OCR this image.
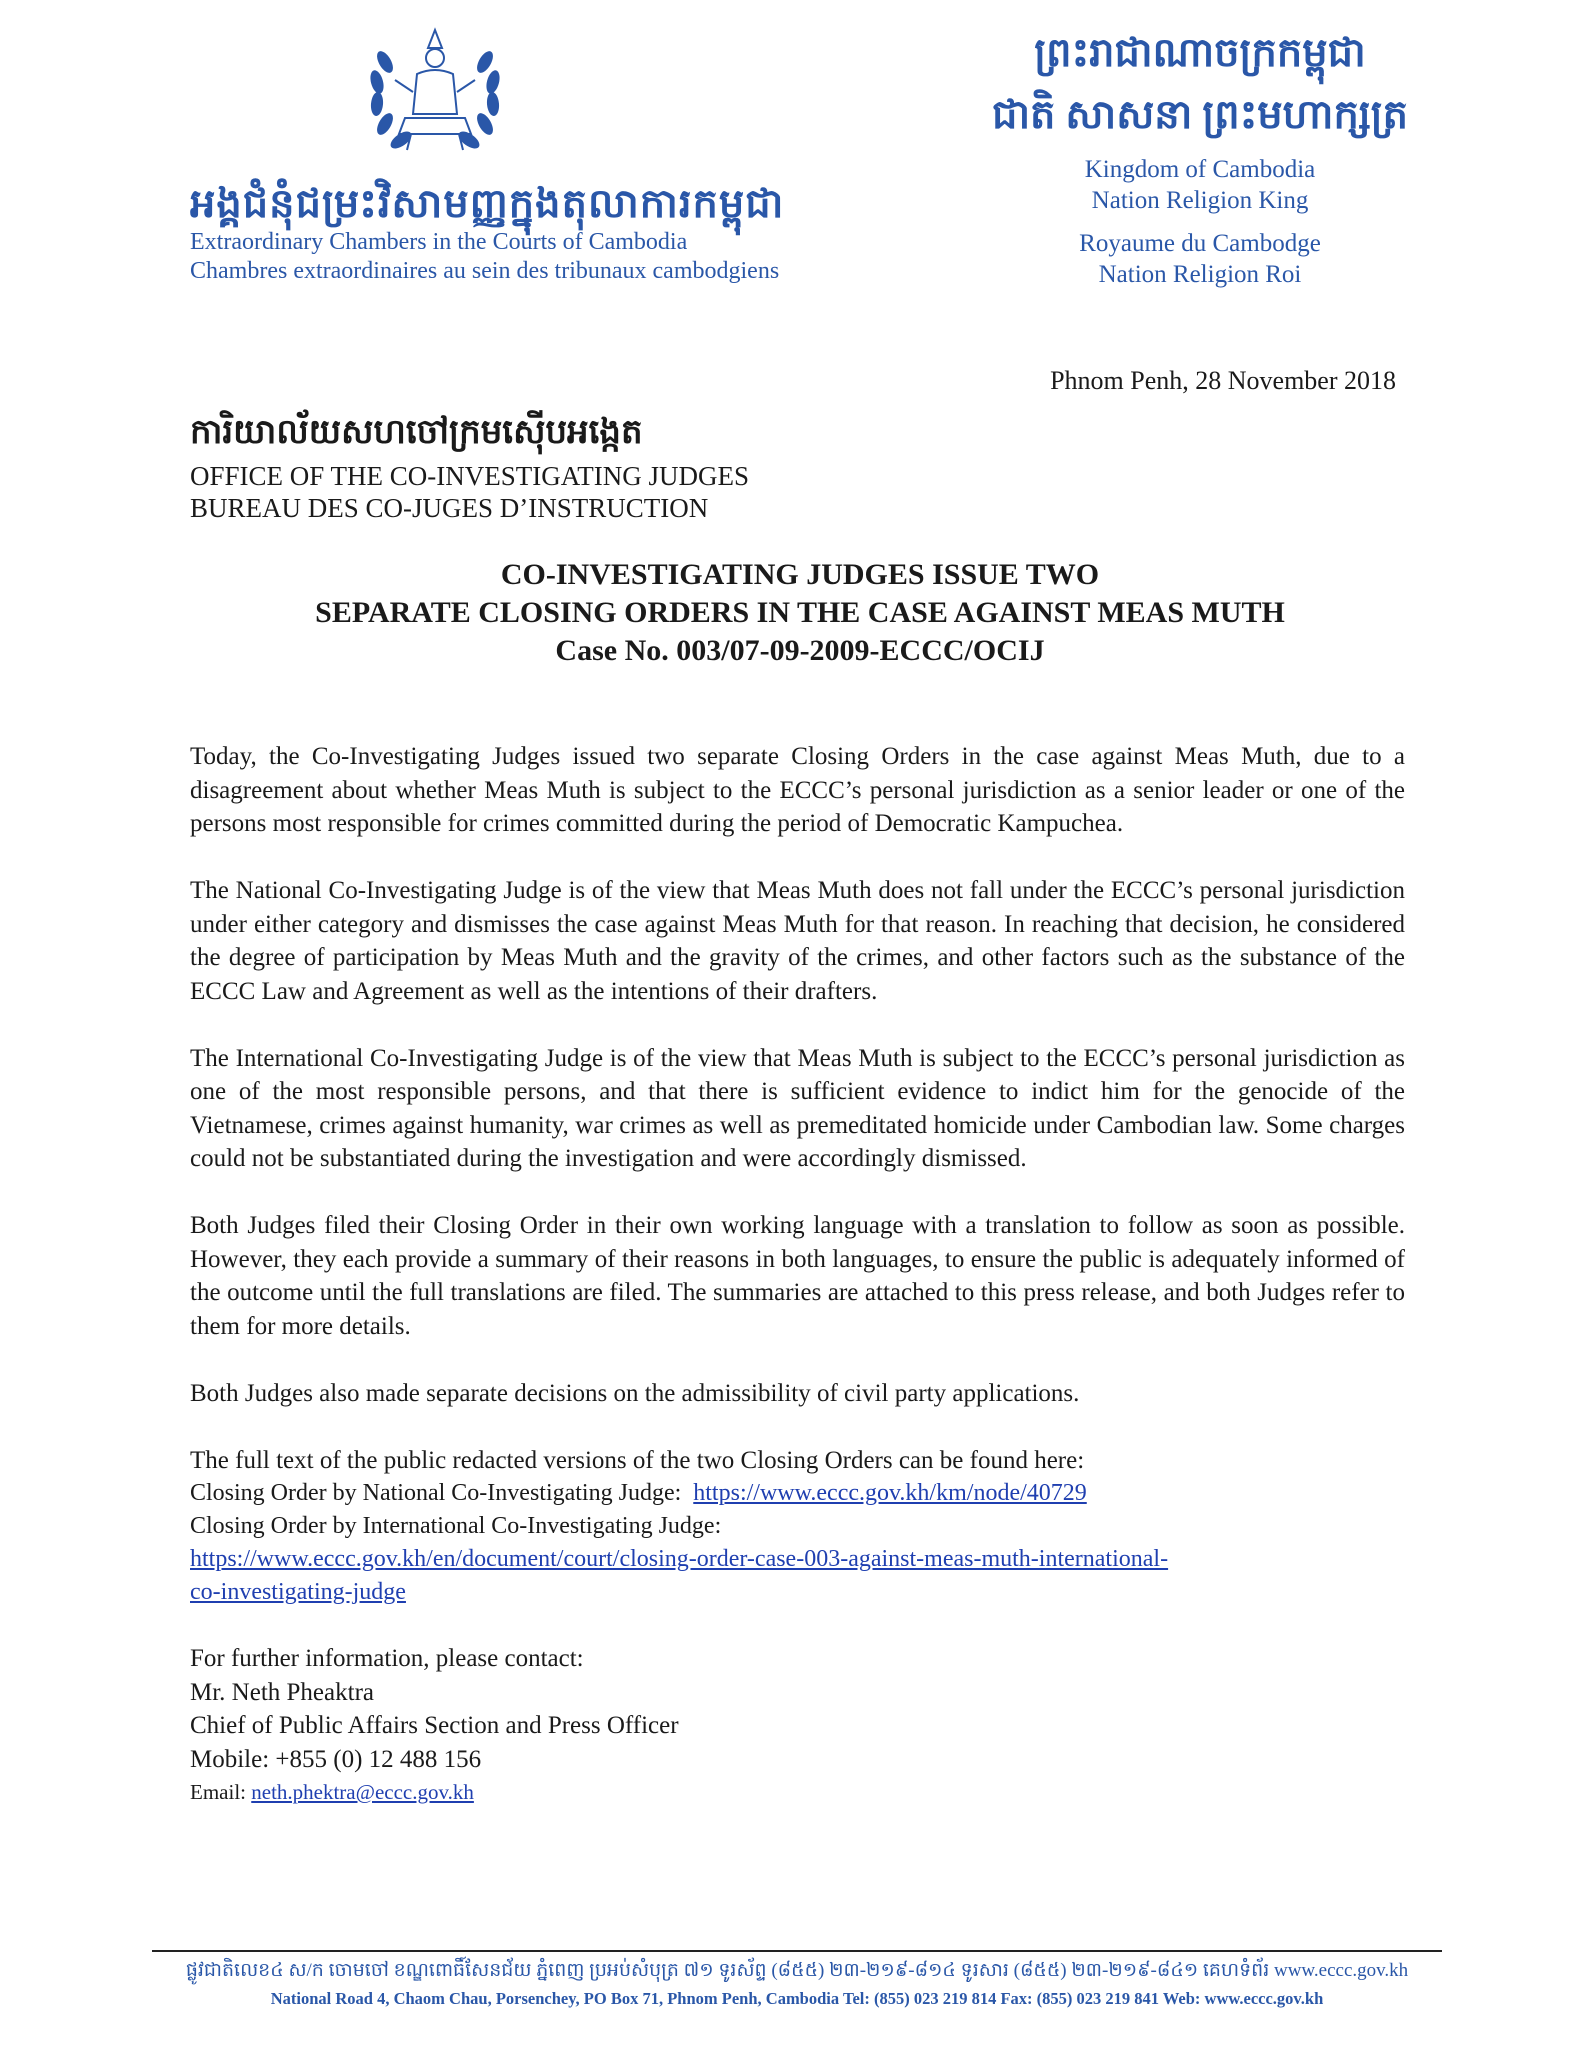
អង្គជំនុំជម្រះវិសាមញ្ញក្នុងតុលាការកម្ពុជា
Extraordinary Chambers in the Courts of Cambodia
Chambres extraordinaires au sein des tribunaux cambodgiens
ព្រះរាជាណាចក្រកម្ពុជា
ជាតិ សាសនា ព្រះមហាក្សត្រ
Kingdom of Cambodia
Nation Religion King
Royaume du Cambodge
Nation Religion Roi
Phnom Penh, 28 November 2018
ការិយាល័យសហចៅក្រមស៊ើបអង្កេត
OFFICE OF THE CO-INVESTIGATING JUDGES
BUREAU DES CO-JUGES D’INSTRUCTION
CO-INVESTIGATING JUDGES ISSUE TWO
SEPARATE CLOSING ORDERS IN THE CASE AGAINST MEAS MUTH
Case No. 003/07-09-2009-ECCC/OCIJ

Today, the Co-Investigating Judges issued two separate Closing Orders in the case against Meas Muth, due to a disagreement about whether Meas Muth is subject to the ECCC’s personal jurisdiction as a senior leader or one of the persons most responsible for crimes committed during the period of Democratic Kampuchea.

The National Co-Investigating Judge is of the view that Meas Muth does not fall under the ECCC’s personal jurisdiction under either category and dismisses the case against Meas Muth for that reason. In reaching that decision, he considered the degree of participation by Meas Muth and the gravity of the crimes, and other factors such as the substance of the ECCC Law and Agreement as well as the intentions of their drafters.

The International Co-Investigating Judge is of the view that Meas Muth is subject to the ECCC’s personal jurisdiction as one of the most responsible persons, and that there is sufficient evidence to indict him for the genocide of the Vietnamese, crimes against humanity, war crimes as well as premeditated homicide under Cambodian law. Some charges could not be substantiated during the investigation and were accordingly dismissed.

Both Judges filed their Closing Order in their own working language with a translation to follow as soon as possible. However, they each provide a summary of their reasons in both languages, to ensure the public is adequately informed of the outcome until the full translations are filed. The summaries are attached to this press release, and both Judges refer to them for more details.

Both Judges also made separate decisions on the admissibility of civil party applications.

The full text of the public redacted versions of the two Closing Orders can be found here:
Closing Order by National Co-Investigating Judge: https://www.eccc.gov.kh/km/node/40729
Closing Order by International Co-Investigating Judge:
https://www.eccc.gov.kh/en/document/court/closing-order-case-003-against-meas-muth-international-
co-investigating-judge
For further information, please contact:
Mr. Neth Pheaktra
Chief of Public Affairs Section and Press Officer
Mobile: +855 (0) 12 488 156
Email: neth.phektra@eccc.gov.kh
ផ្លូវជាតិលេខ៤ ស/ក ចោមចៅ ខណ្ឌពោធិ៍សែនជ័យ ភ្នំពេញ ប្រអប់សំបុត្រ ៧១ ទូរស័ព្ទ (៨៥៥) ២៣-២១៩-៨១៤ ទូរសារ (៨៥៥) ២៣-២១៩-៨៤១ គេហទំព័រ www.eccc.gov.kh
National Road 4, Chaom Chau, Porsenchey, PO Box 71, Phnom Penh, Cambodia Tel: (855) 023 219 814 Fax: (855) 023 219 841 Web: www.eccc.gov.kh
